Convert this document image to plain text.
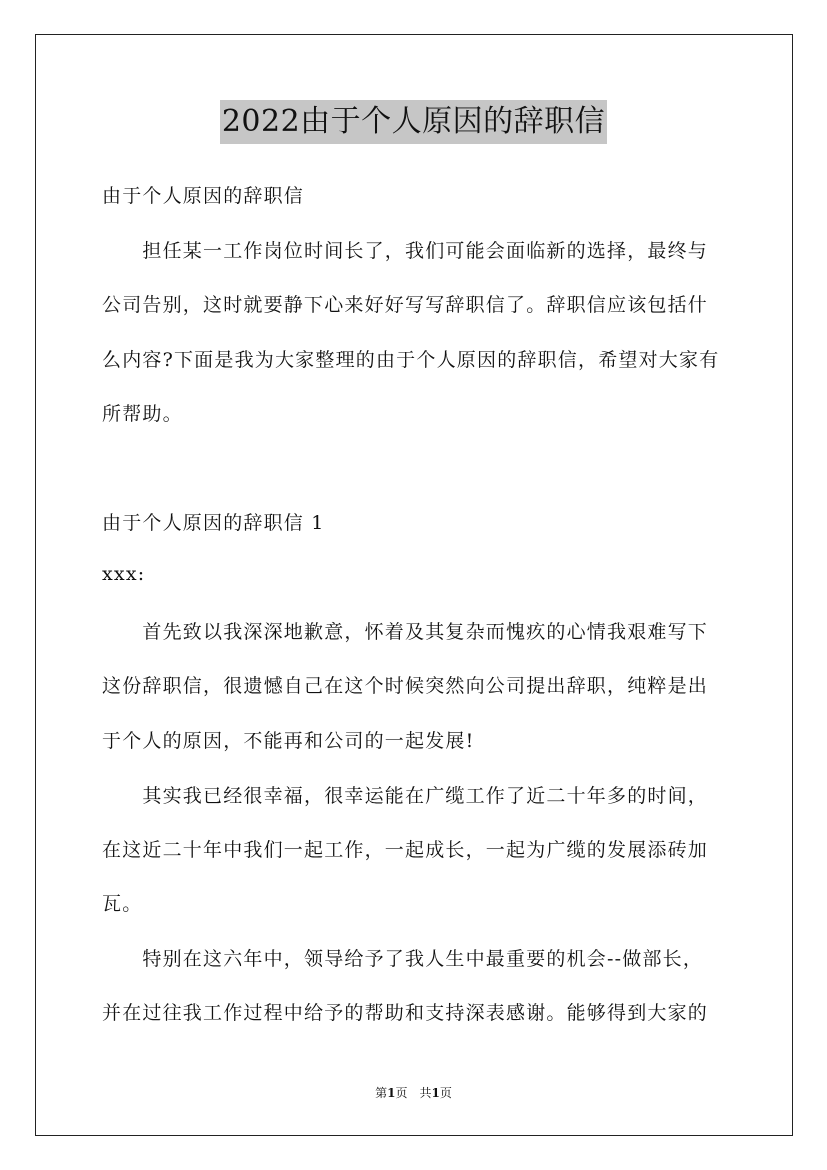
2022由于个人原因的辞职信
由于个人原因的辞职信
　　担任某一工作岗位时间长了，我们可能会面临新的选择，最终与
公司告别，这时就要静下心来好好写写辞职信了。辞职信应该包括什
么内容?下面是我为大家整理的由于个人原因的辞职信，希望对大家有
所帮助。
由于个人原因的辞职信 1
xxx:
　　首先致以我深深地歉意，怀着及其复杂而愧疚的心情我艰难写下
这份辞职信，很遗憾自己在这个时候突然向公司提出辞职，纯粹是出
于个人的原因，不能再和公司的一起发展!
　　其实我已经很幸福，很幸运能在广缆工作了近二十年多的时间，
在这近二十年中我们一起工作，一起成长，一起为广缆的发展添砖加
瓦。
　　特别在这六年中，领导给予了我人生中最重要的机会--做部长，
并在过往我工作过程中给予的帮助和支持深表感谢。能够得到大家的
第1页　共1页
